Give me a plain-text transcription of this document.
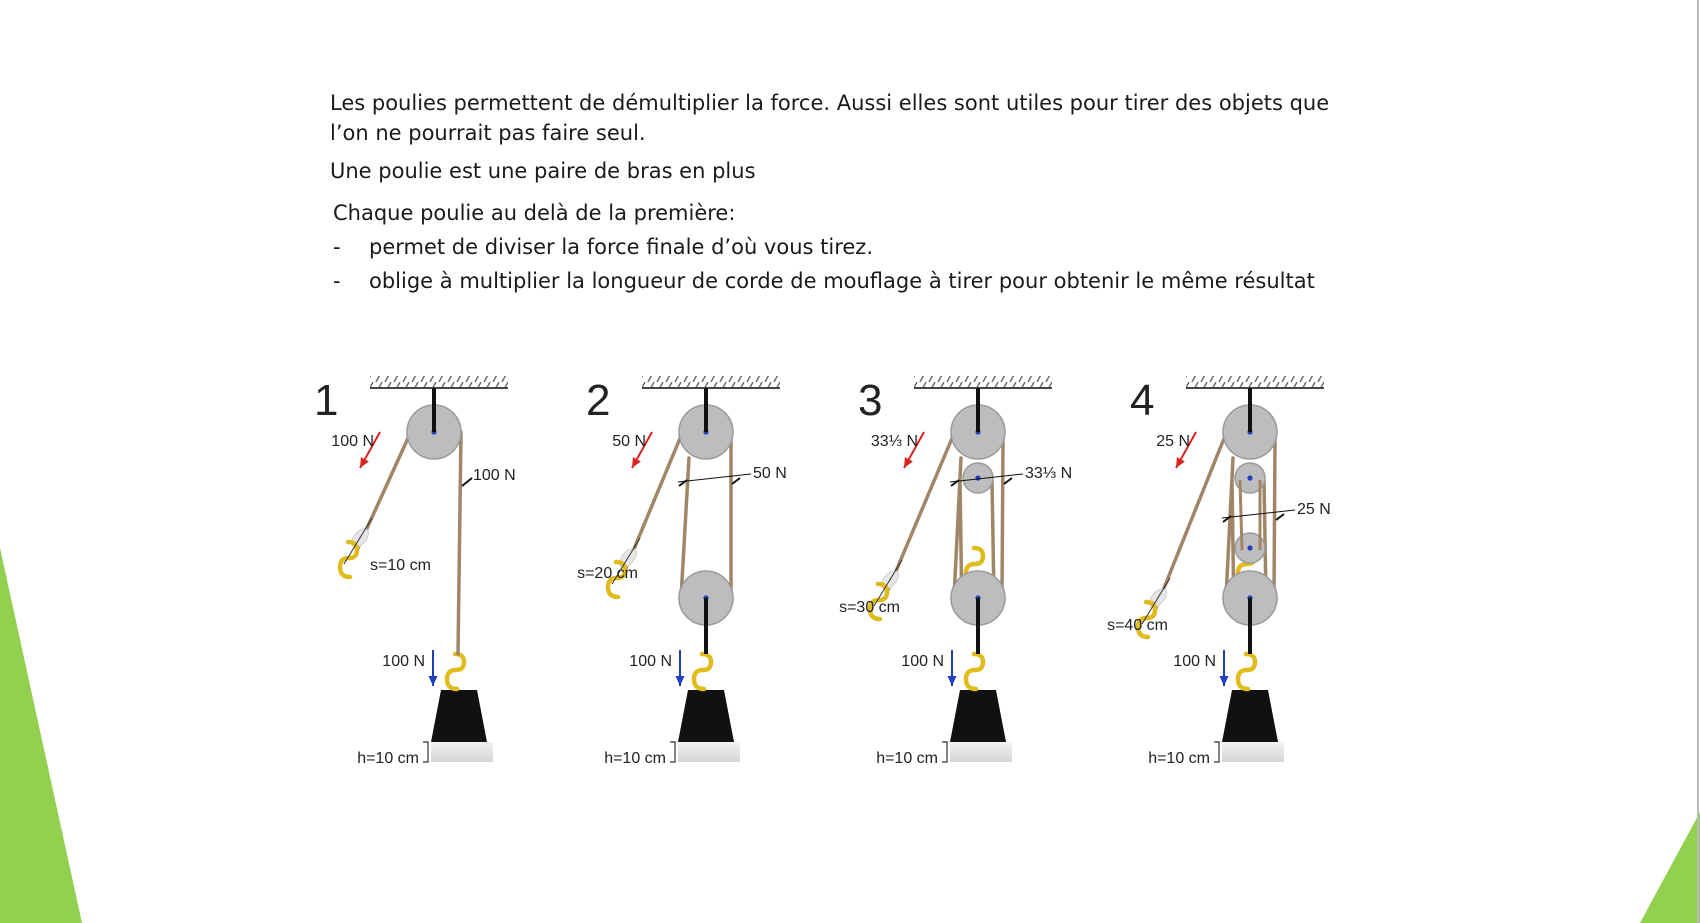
Les poulies permettent de démultiplier la force. Aussi elles sont utiles pour tirer des objets que

l’on ne pourrait pas faire seul.

Une poulie est une paire de bras en plus

Chaque poulie au delà de la première:

-	permet de diviser la force finale d’où vous tirez.
-	oblige à multiplier la longueur de corde de mouflage à tirer pour obtenir le même résultat
1
100 N
s=10 cm
100 N
h=10 cm
100 N
2
50 N
s=20 cm
100 N
h=10 cm
50 N
3
33⅓ N
s=30 cm
100 N
h=10 cm
33⅓ N
4
25 N
s=40 cm
100 N
h=10 cm
25 N
